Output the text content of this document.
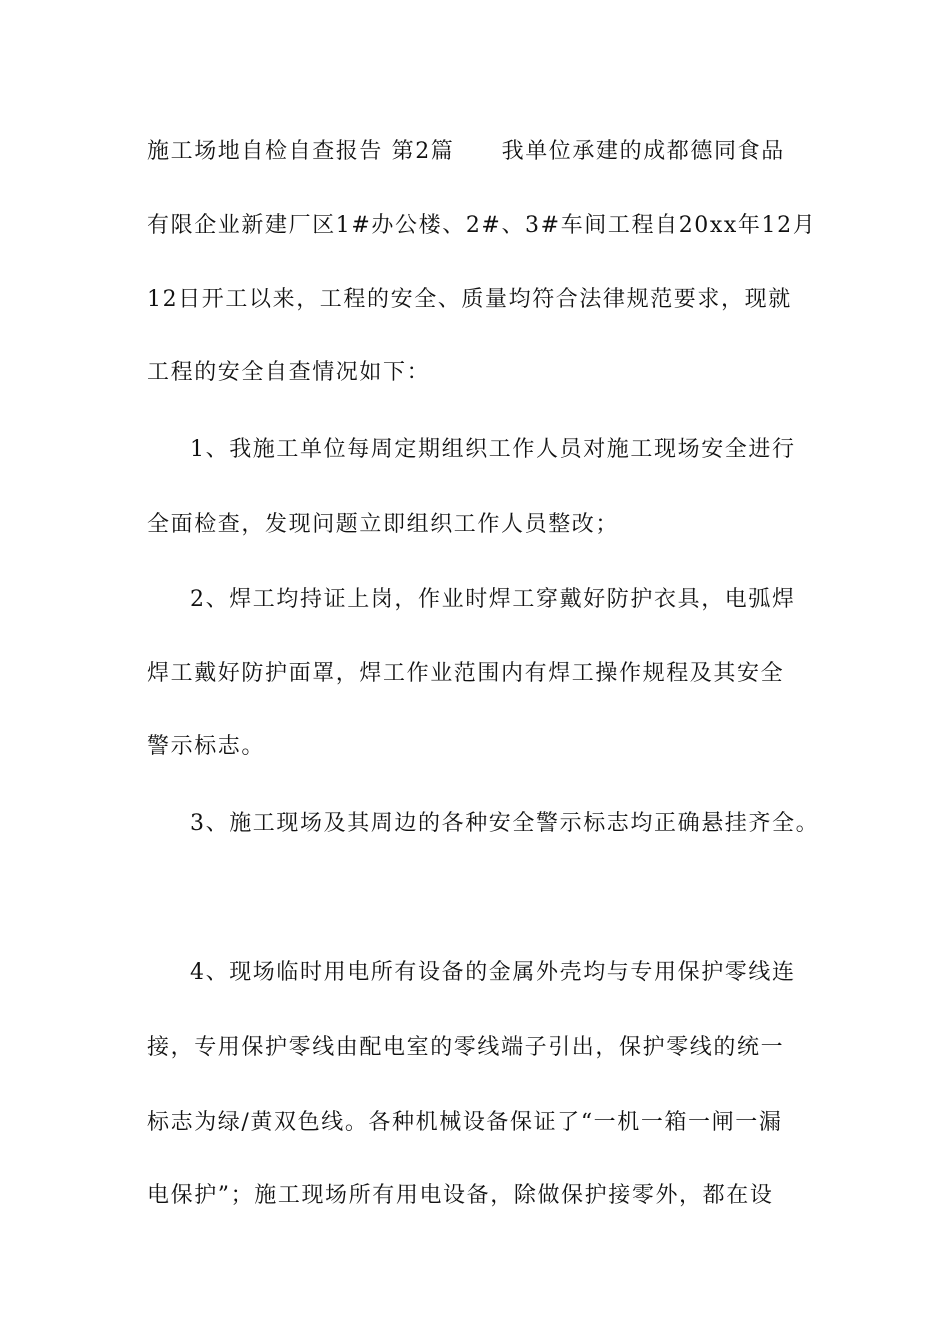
施工场地自检自查报告 第2篇　　我单位承建的成都德同食品
有限企业新建厂区1#办公楼、2#、3#车间工程自20xx年12月
12日开工以来，工程的安全、质量均符合法律规范要求，现就
工程的安全自查情况如下：
1、我施工单位每周定期组织工作人员对施工现场安全进行
全面检查，发现问题立即组织工作人员整改；
2、焊工均持证上岗，作业时焊工穿戴好防护衣具，电弧焊
焊工戴好防护面罩，焊工作业范围内有焊工操作规程及其安全
警示标志。
3、施工现场及其周边的各种安全警示标志均正确悬挂齐全。
4、现场临时用电所有设备的金属外壳均与专用保护零线连
接，专用保护零线由配电室的零线端子引出，保护零线的统一
标志为绿/黄双色线。各种机械设备保证了“一机一箱一闸一漏
电保护”；施工现场所有用电设备，除做保护接零外，都在设
